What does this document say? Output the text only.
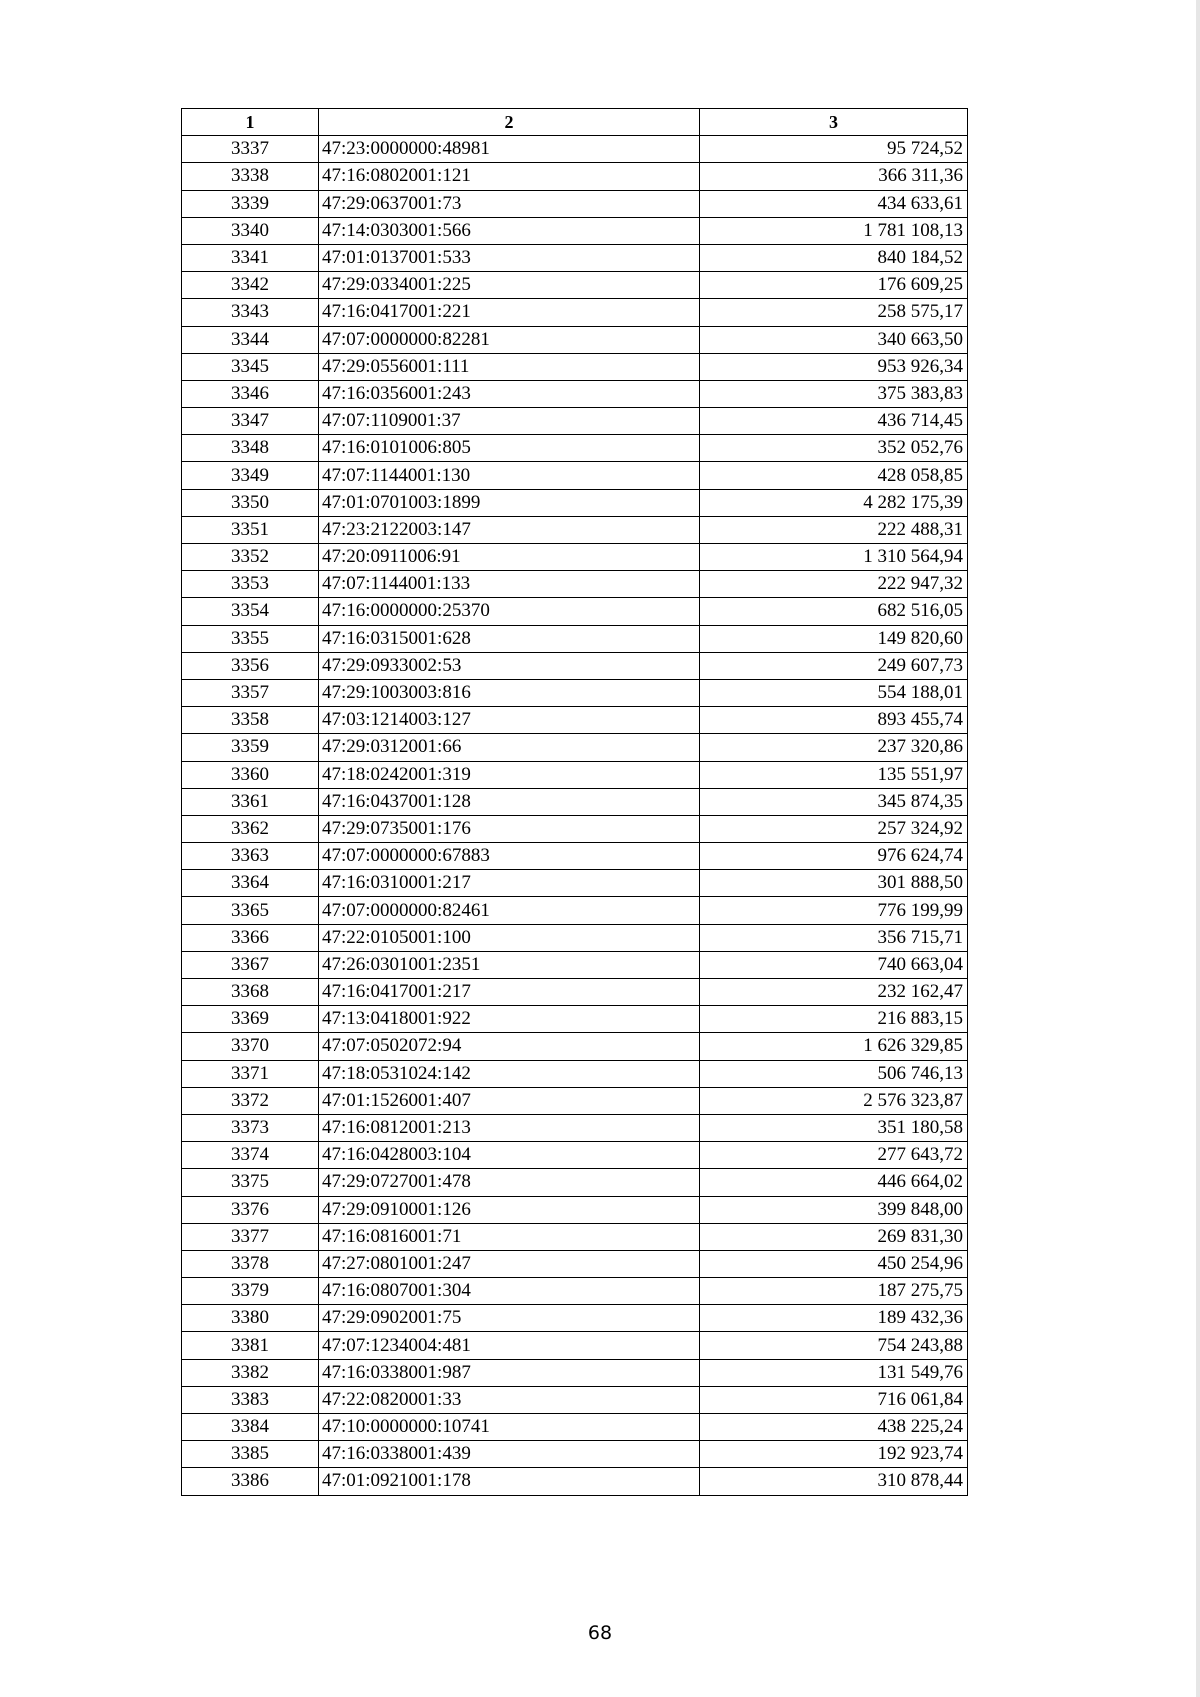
1	2	3
3337	47:23:0000000:48981	95 724,52
3338	47:16:0802001:121	366 311,36
3339	47:29:0637001:73	434 633,61
3340	47:14:0303001:566	1 781 108,13
3341	47:01:0137001:533	840 184,52
3342	47:29:0334001:225	176 609,25
3343	47:16:0417001:221	258 575,17
3344	47:07:0000000:82281	340 663,50
3345	47:29:0556001:111	953 926,34
3346	47:16:0356001:243	375 383,83
3347	47:07:1109001:37	436 714,45
3348	47:16:0101006:805	352 052,76
3349	47:07:1144001:130	428 058,85
3350	47:01:0701003:1899	4 282 175,39
3351	47:23:2122003:147	222 488,31
3352	47:20:0911006:91	1 310 564,94
3353	47:07:1144001:133	222 947,32
3354	47:16:0000000:25370	682 516,05
3355	47:16:0315001:628	149 820,60
3356	47:29:0933002:53	249 607,73
3357	47:29:1003003:816	554 188,01
3358	47:03:1214003:127	893 455,74
3359	47:29:0312001:66	237 320,86
3360	47:18:0242001:319	135 551,97
3361	47:16:0437001:128	345 874,35
3362	47:29:0735001:176	257 324,92
3363	47:07:0000000:67883	976 624,74
3364	47:16:0310001:217	301 888,50
3365	47:07:0000000:82461	776 199,99
3366	47:22:0105001:100	356 715,71
3367	47:26:0301001:2351	740 663,04
3368	47:16:0417001:217	232 162,47
3369	47:13:0418001:922	216 883,15
3370	47:07:0502072:94	1 626 329,85
3371	47:18:0531024:142	506 746,13
3372	47:01:1526001:407	2 576 323,87
3373	47:16:0812001:213	351 180,58
3374	47:16:0428003:104	277 643,72
3375	47:29:0727001:478	446 664,02
3376	47:29:0910001:126	399 848,00
3377	47:16:0816001:71	269 831,30
3378	47:27:0801001:247	450 254,96
3379	47:16:0807001:304	187 275,75
3380	47:29:0902001:75	189 432,36
3381	47:07:1234004:481	754 243,88
3382	47:16:0338001:987	131 549,76
3383	47:22:0820001:33	716 061,84
3384	47:10:0000000:10741	438 225,24
3385	47:16:0338001:439	192 923,74
3386	47:01:0921001:178	310 878,44
68
